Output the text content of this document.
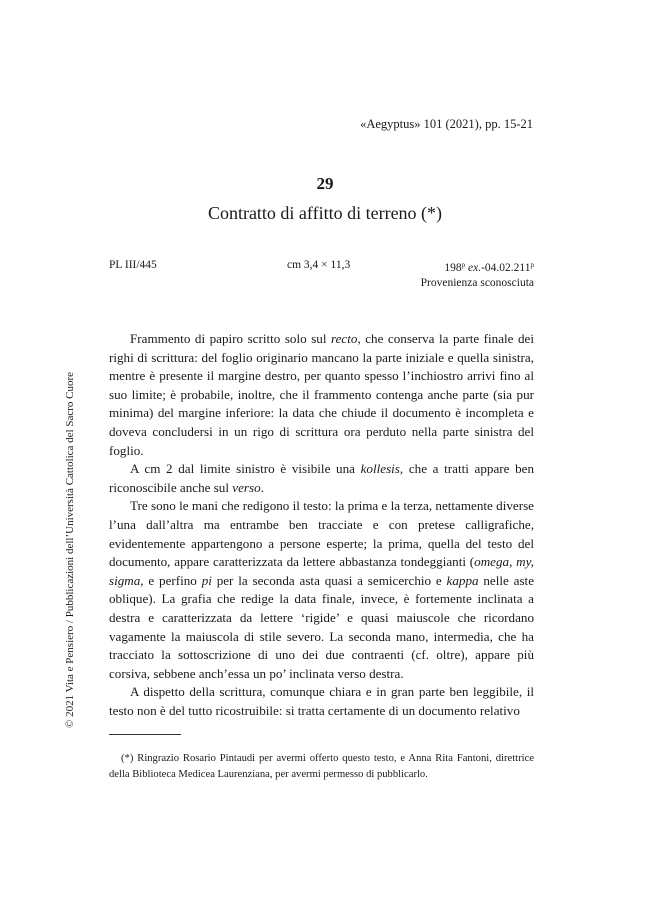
«Aegyptus» 101 (2021), pp. 15-21
29
Contratto di affitto di terreno (*)
PL III/445	cm 3,4 × 11,3	198$^p$ ex.-04.02.211$^p$
Provenienza sconosciuta

Frammento di papiro scritto solo sul recto, che conserva la parte finale dei righi di scrittura: del foglio originario mancano la parte iniziale e quella sinistra, mentre è presente il margine destro, per quanto spesso l’inchiostro arrivi fino al suo limite; è probabile, inoltre, che il frammento contenga anche parte (sia pur minima) del margine inferiore: la data che chiude il documento è incompleta e doveva concludersi in un rigo di scrittura ora perduto nella parte sinistra del foglio.

A cm 2 dal limite sinistro è visibile una kollesis, che a tratti appare ben riconoscibile anche sul verso.

Tre sono le mani che redigono il testo: la prima e la terza, nettamente diverse l’una dall’altra ma entrambe ben tracciate e con pretese calligrafiche, evidentemente appartengono a persone esperte; la prima, quella del testo del documento, appare caratterizzata da lettere abbastanza tondeggianti (omega, my, sigma, e perfino pi per la seconda asta quasi a semicerchio e kappa nelle aste oblique). La grafia che redige la data finale, invece, è fortemente inclinata a destra e caratterizzata da lettere ‘rigide’ e quasi maiuscole che ricordano vagamente la maiuscola di stile severo. La seconda mano, intermedia, che ha tracciato la sottoscrizione di uno dei due contraenti (cf. oltre), appare più corsiva, sebbene anch’essa un po’ inclinata verso destra.

A dispetto della scrittura, comunque chiara e in gran parte ben leggibile, il testo non è del tutto ricostruibile: si tratta certamente di un documento relativo

(*) Ringrazio Rosario Pintaudi per avermi offerto questo testo, e Anna Rita Fantoni, direttrice della Biblioteca Medicea Laurenziana, per avermi permesso di pubblicarlo.
© 2021 Vita e Pensiero / Pubblicazioni dell’Università Cattolica del Sacro Cuore
